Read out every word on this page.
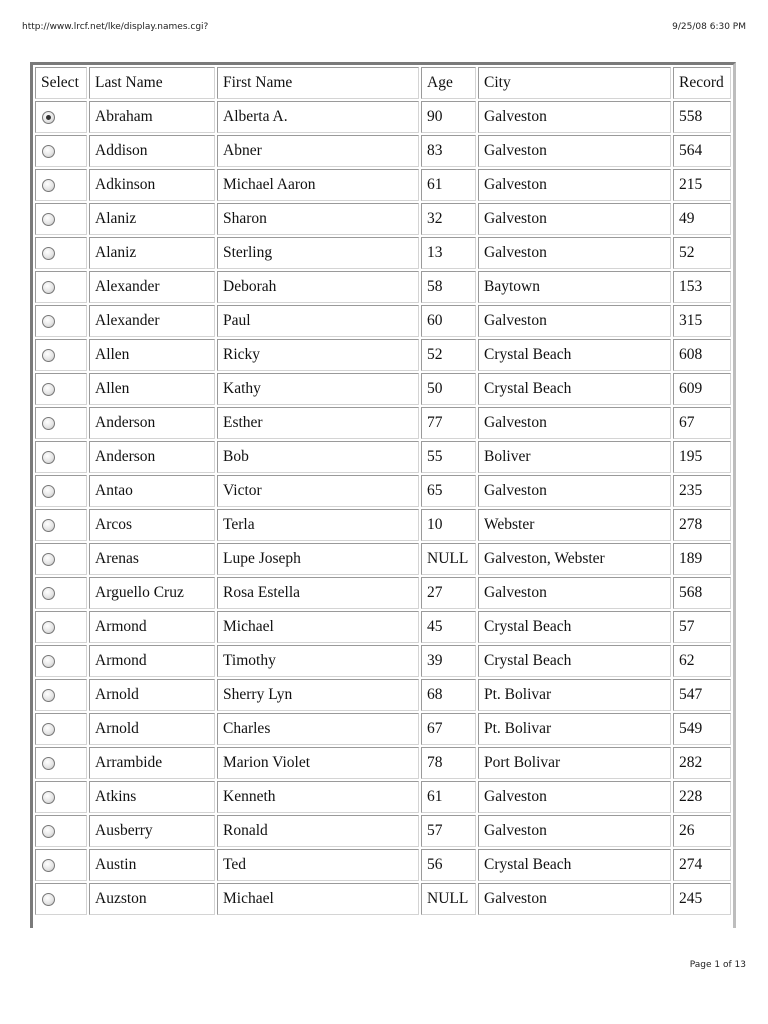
http://www.lrcf.net/lke/display.names.cgi?	9/25/08 6:30 PM
Select	Last Name	First Name	Age	City	Record
	Abraham	Alberta A.	90	Galveston	558
	Addison	Abner	83	Galveston	564
	Adkinson	Michael Aaron	61	Galveston	215
	Alaniz	Sharon	32	Galveston	49
	Alaniz	Sterling	13	Galveston	52
	Alexander	Deborah	58	Baytown	153
	Alexander	Paul	60	Galveston	315
	Allen	Ricky	52	Crystal Beach	608
	Allen	Kathy	50	Crystal Beach	609
	Anderson	Esther	77	Galveston	67
	Anderson	Bob	55	Boliver	195
	Antao	Victor	65	Galveston	235
	Arcos	Terla	10	Webster	278
	Arenas	Lupe Joseph	NULL	Galveston, Webster	189
	Arguello Cruz	Rosa Estella	27	Galveston	568
	Armond	Michael	45	Crystal Beach	57
	Armond	Timothy	39	Crystal Beach	62
	Arnold	Sherry Lyn	68	Pt. Bolivar	547
	Arnold	Charles	67	Pt. Bolivar	549
	Arrambide	Marion Violet	78	Port Bolivar	282
	Atkins	Kenneth	61	Galveston	228
	Ausberry	Ronald	57	Galveston	26
	Austin	Ted	56	Crystal Beach	274
	Auzston	Michael	NULL	Galveston	245
Page 1 of 13
